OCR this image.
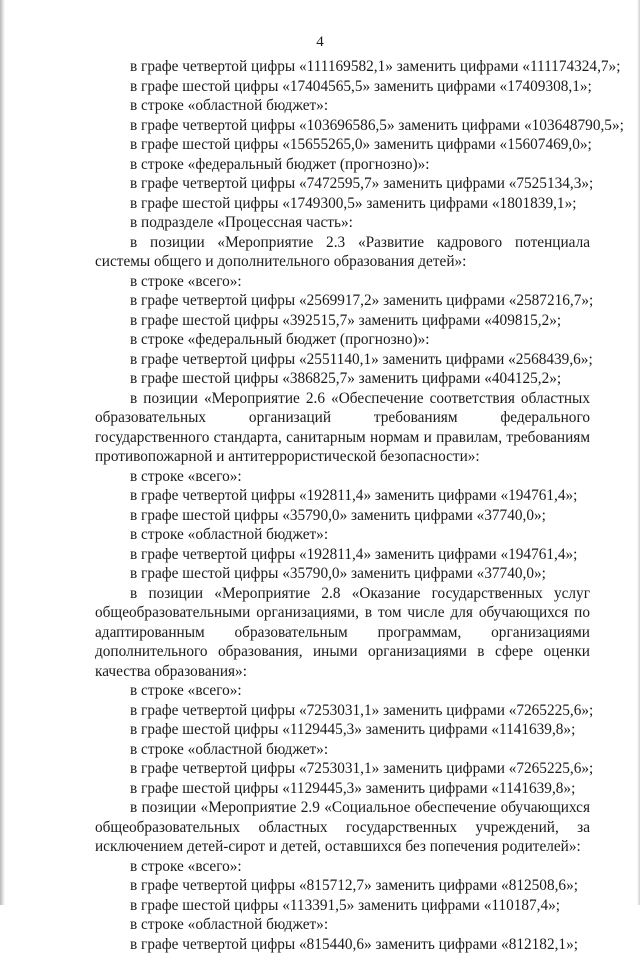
4

в графе четвертой цифры «111169582,1» заменить цифрами «111174324,7»;

в графе шестой цифры «17404565,5» заменить цифрами «17409308,1»;

в строке «областной бюджет»:

в графе четвертой цифры «103696586,5» заменить цифрами «103648790,5»;

в графе шестой цифры «15655265,0» заменить цифрами «15607469,0»;

в строке «федеральный бюджет (прогнозно)»:

в графе четвертой цифры «7472595,7» заменить цифрами «7525134,3»;

в графе шестой цифры «1749300,5» заменить цифрами «1801839,1»;

в подразделе «Процессная часть»:

в позиции «Мероприятие 2.3 «Развитие кадрового потенциала системы общего и дополнительного образования детей»:

в строке «всего»:

в графе четвертой цифры «2569917,2» заменить цифрами «2587216,7»;

в графе шестой цифры «392515,7» заменить цифрами «409815,2»;

в строке «федеральный бюджет (прогнозно)»:

в графе четвертой цифры «2551140,1» заменить цифрами «2568439,6»;

в графе шестой цифры «386825,7» заменить цифрами «404125,2»;

в позиции «Мероприятие 2.6 «Обеспечение соответствия областных образовательных организаций требованиям федерального государственного стандарта, санитарным нормам и правилам, требованиям противопожарной и антитеррористической безопасности»:

в строке «всего»:

в графе четвертой цифры «192811,4» заменить цифрами «194761,4»;

в графе шестой цифры «35790,0» заменить цифрами «37740,0»;

в строке «областной бюджет»:

в графе четвертой цифры «192811,4» заменить цифрами «194761,4»;

в графе шестой цифры «35790,0» заменить цифрами «37740,0»;

в позиции «Мероприятие 2.8 «Оказание государственных услуг общеобразовательными организациями, в том числе для обучающихся по адаптированным образовательным программам, организациями дополнительного образования, иными организациями в сфере оценки качества образования»:

в строке «всего»:

в графе четвертой цифры «7253031,1» заменить цифрами «7265225,6»;

в графе шестой цифры «1129445,3» заменить цифрами «1141639,8»;

в строке «областной бюджет»:

в графе четвертой цифры «7253031,1» заменить цифрами «7265225,6»;

в графе шестой цифры «1129445,3» заменить цифрами «1141639,8»;

в позиции «Мероприятие 2.9 «Социальное обеспечение обучающихся общеобразовательных областных государственных учреждений, за исключением детей-сирот и детей, оставшихся без попечения родителей»:

в строке «всего»:

в графе четвертой цифры «815712,7» заменить цифрами «812508,6»;

в графе шестой цифры «113391,5» заменить цифрами «110187,4»;

в строке «областной бюджет»:

в графе четвертой цифры «815440,6» заменить цифрами «812182,1»;
